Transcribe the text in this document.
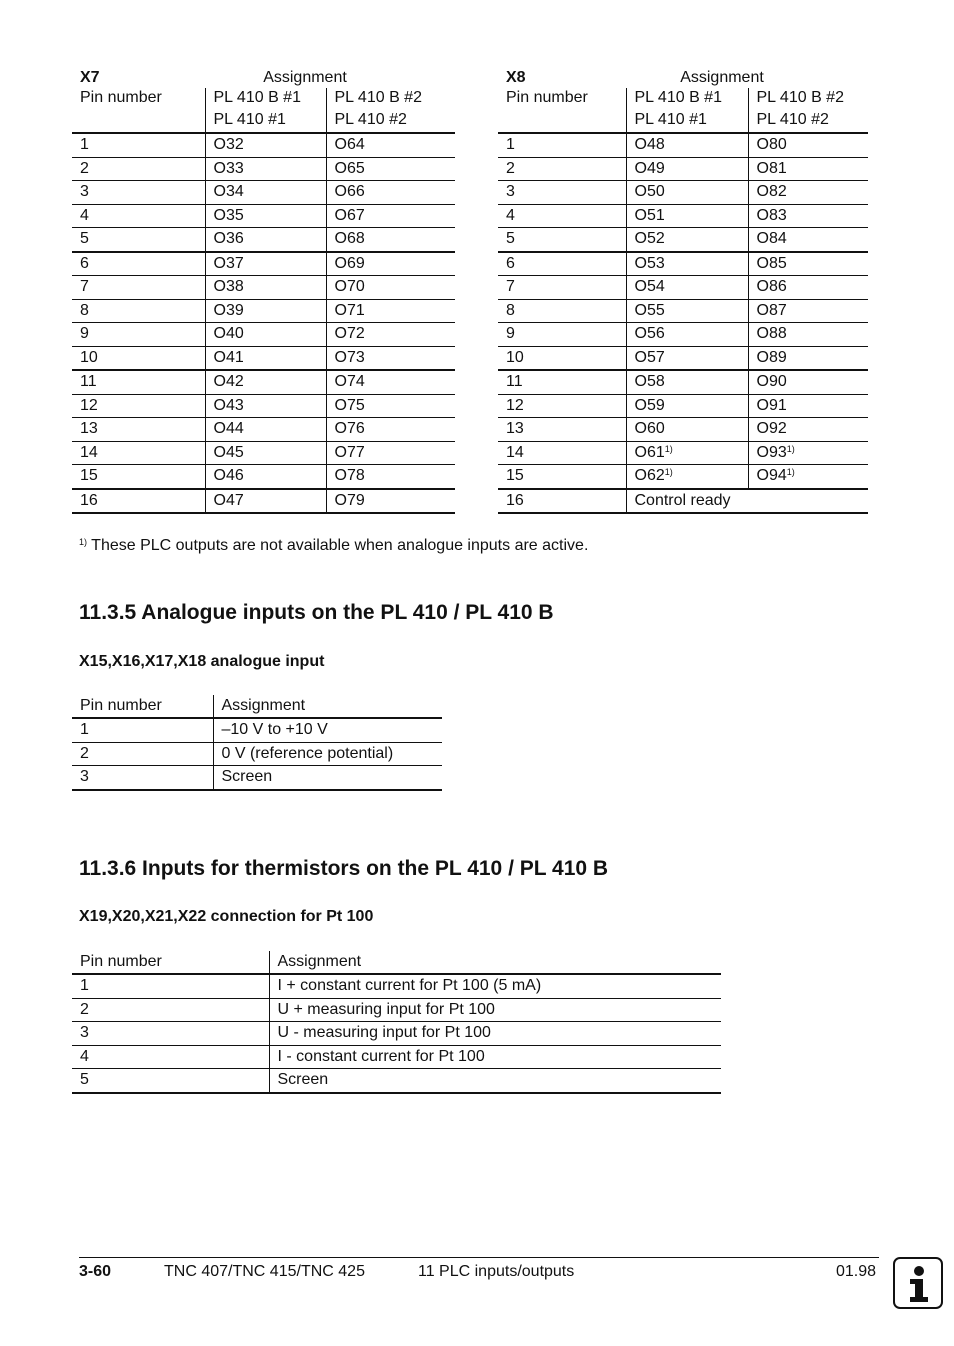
X7	Assignment	
Pin number	PL 410 B #1	PL 410 B #2
	PL 410 #1	PL 410 #2
1	O32	O64
2	O33	O65
3	O34	O66
4	O35	O67
5	O36	O68
6	O37	O69
7	O38	O70
8	O39	O71
9	O40	O72
10	O41	O73
11	O42	O74
12	O43	O75
13	O44	O76
14	O45	O77
15	O46	O78
16	O47	O79
X8	Assignment	
Pin number	PL 410 B #1	PL 410 B #2
	PL 410 #1	PL 410 #2
1	O48	O80
2	O49	O81
3	O50	O82
4	O51	O83
5	O52	O84
6	O53	O85
7	O54	O86
8	O55	O87
9	O56	O88
10	O57	O89
11	O58	O90
12	O59	O91
13	O60	O92
14	O61$^{1)}$	O93$^{1)}$
15	O62$^{1)}$	O94$^{1)}$
16	Control ready	
$^{1)}$ These PLC outputs are not available when analogue inputs are active.
11.3.5 Analogue inputs on the PL 410 / PL 410 B
X15,X16,X17,X18 analogue input
Pin number	Assignment
1	–10 V to +10 V
2	0 V (reference potential)
3	Screen
11.3.6 Inputs for thermistors on the PL 410 / PL 410 B
X19,X20,X21,X22 connection for Pt 100
Pin number	Assignment
1	I + constant current for Pt 100 (5 mA)
2	U + measuring input for Pt 100
3	U - measuring input for Pt 100
4	I - constant current for Pt 100
5	Screen
3-60	TNC 407/TNC 415/TNC 425	11 PLC inputs/outputs	01.98
